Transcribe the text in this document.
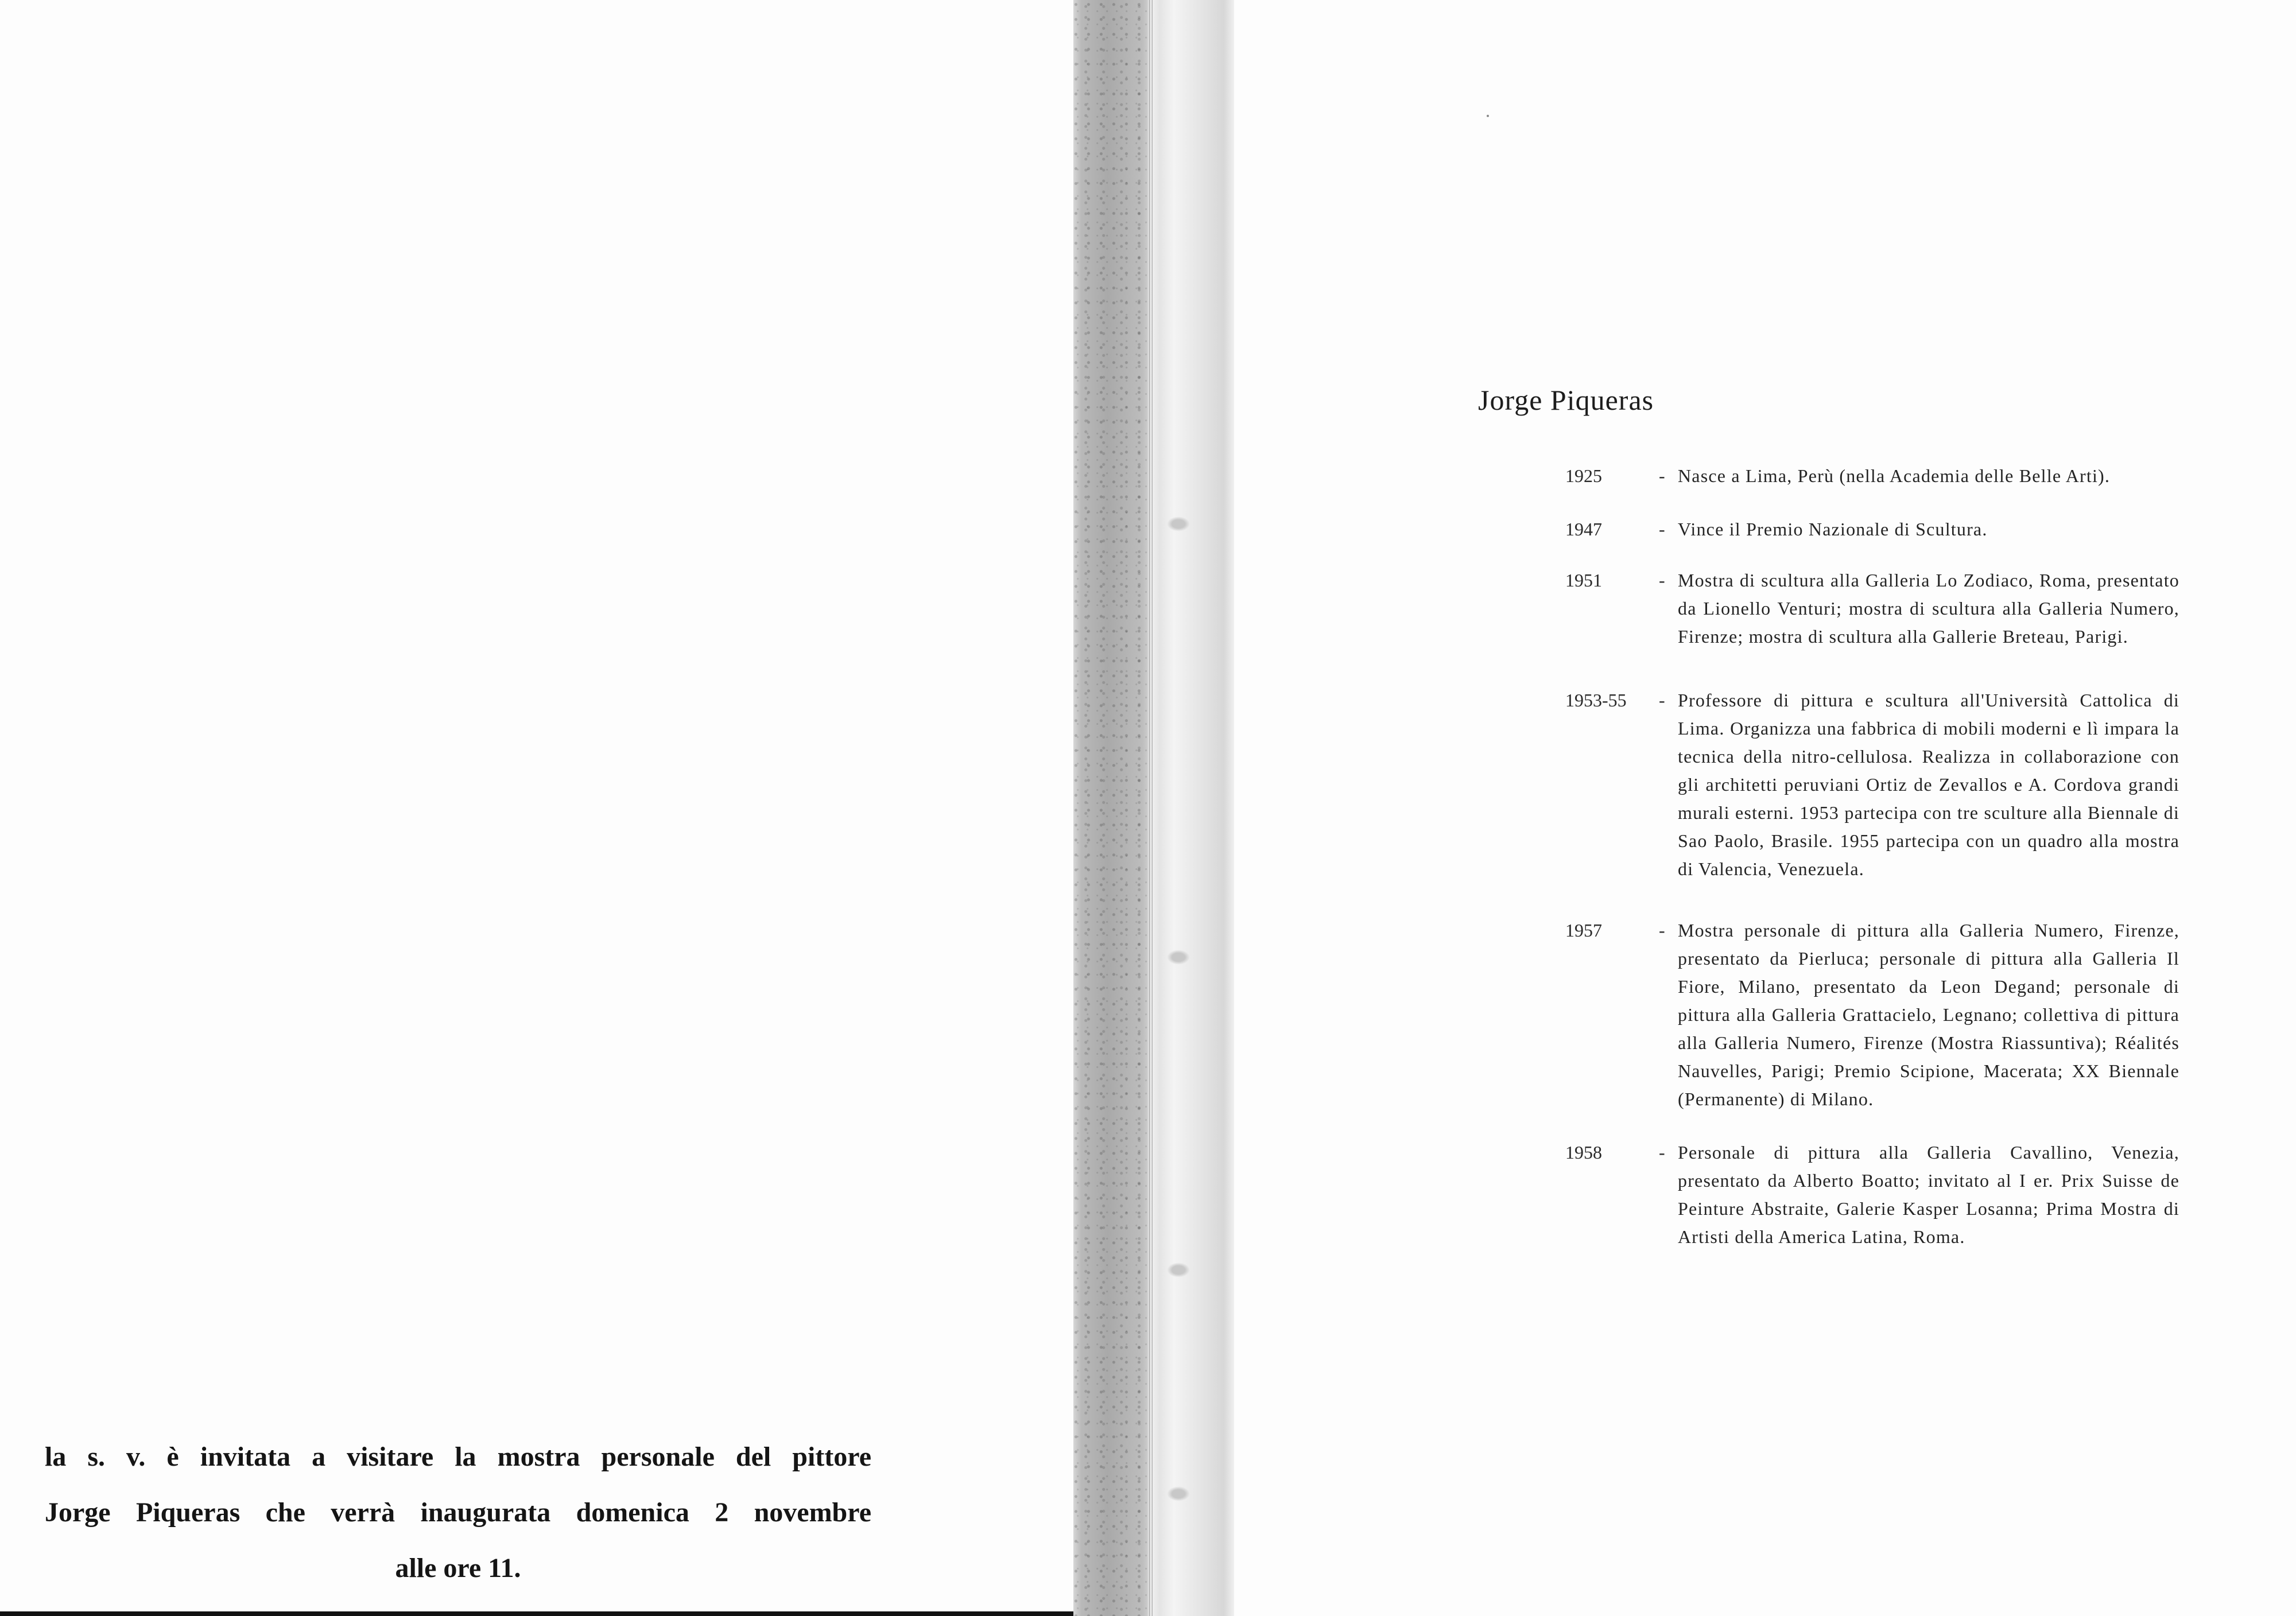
la s. v. è invitata a visitare la mostra personale del pittore
Jorge Piqueras che verrà inaugurata domenica 2 novembre
alle ore 11.
Jorge Piqueras
1925	- Nasce a Lima, Perù (nella Academia delle Belle Arti).
1947	- Vince il Premio Nazionale di Scultura.
1951	- Mostra di scultura alla Galleria Lo Zodiaco, Roma, presentato da Lionello Venturi; mostra di scultura alla Galleria Numero, Firenze; mostra di scultura alla Gallerie Breteau, Parigi.
1953-55	- Professore di pittura e scultura all'Università Cattolica di Lima. Organizza una fabbrica di mobili moderni e lì impara la tecnica della nitro-cellulosa. Realizza in collaborazione con gli architetti peruviani Ortiz de Zevallos e A. Cordova grandi murali esterni. 1953 partecipa con tre sculture alla Biennale di Sao Paolo, Brasile. 1955 partecipa con un quadro alla mostra di Valencia, Venezuela.
1957	- Mostra personale di pittura alla Galleria Numero, Firenze, presentato da Pierluca; personale di pittura alla Galleria Il Fiore, Milano, presentato da Leon Degand; personale di pittura alla Galleria Grattacielo, Legnano; collettiva di pittura alla Galleria Numero, Firenze (Mostra Riassuntiva); Réalités Nauvelles, Parigi; Premio Scipione, Macerata; XX Biennale (Permanente) di Milano.
1958	- Personale di pittura alla Galleria Cavallino, Venezia, presentato da Alberto Boatto; invitato al I er. Prix Suisse de Peinture Abstraite, Galerie Kasper Losanna; Prima Mostra di Artisti della America Latina, Roma.
